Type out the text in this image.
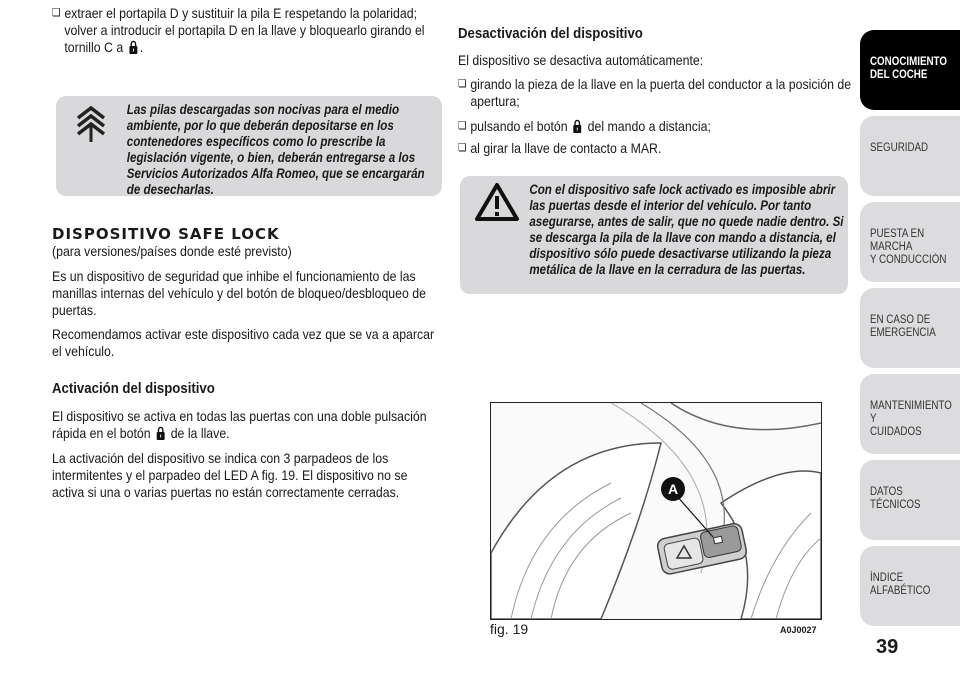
❏ extraer el portapila D y sustituir la pila E respetando la polaridad; volver a introducir el portapila D en la llave y bloquearlo girando el tornillo C a .

Las pilas descargadas son nocivas para el medio ambiente, por lo que deberán depositarse en los contenedores específicos como lo prescribe la legislación vigente, o bien, deberán entregarse a los Servicios Autorizados Alfa Romeo, que se encargarán de desecharlas.
DISPOSITIVO SAFE LOCK

(para versiones/países donde esté previsto)

Es un dispositivo de seguridad que inhibe el funcionamiento de las manillas internas del vehículo y del botón de bloqueo/desbloqueo de puertas.

Recomendamos activar este dispositivo cada vez que se va a aparcar el vehículo.

Activación del dispositivo

El dispositivo se activa en todas las puertas con una doble pulsación rápida en el botón de la llave.

La activación del dispositivo se indica con 3 parpadeos de los intermitentes y el parpadeo del LED A fig. 19. El dispositivo no se activa si una o varias puertas no están correctamente cerradas.

Desactivación del dispositivo

El dispositivo se desactiva automáticamente:

❏ girando la pieza de la llave en la puerta del conductor a la posición de apertura;

❏ pulsando el botón del mando a distancia;

❏ al girar la llave de contacto a MAR.

Con el dispositivo safe lock activado es imposible abrir las puertas desde el interior del vehículo. Por tanto asegurarse, antes de salir, que no quede nadie dentro. Si se descarga la pila de la llave con mando a distancia, el dispositivo sólo puede desactivarse utilizando la pieza metálica de la llave en la cerradura de las puertas.
A
fig. 19	A0J0027
CONOCIMIENTO
DEL COCHE
SEGURIDAD
PUESTA EN MARCHA
Y CONDUCCIÓN
EN CASO DE
EMERGENCIA
MANTENIMIENTO Y
CUIDADOS
DATOS TÉCNICOS
ÍNDICE ALFABÉTICO
39
